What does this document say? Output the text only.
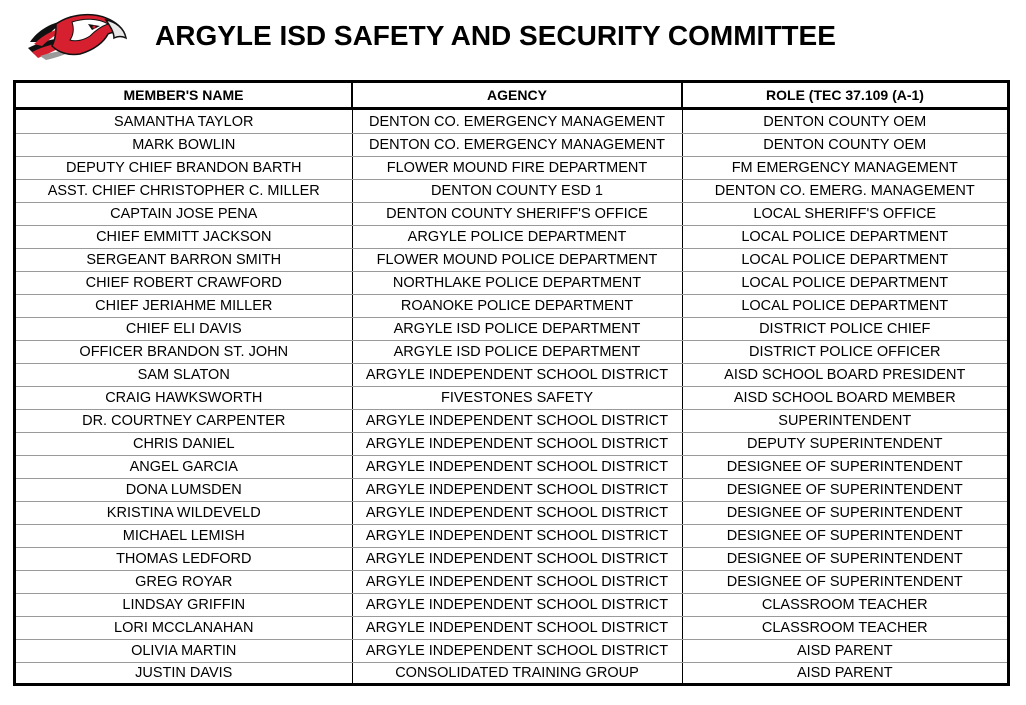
ARGYLE ISD SAFETY AND SECURITY COMMITTEE
MEMBER'S NAME	AGENCY	ROLE (TEC 37.109 (A-1)
SAMANTHA TAYLOR	DENTON CO. EMERGENCY MANAGEMENT	DENTON COUNTY OEM
MARK BOWLIN	DENTON CO. EMERGENCY MANAGEMENT	DENTON COUNTY OEM
DEPUTY CHIEF BRANDON BARTH	FLOWER MOUND FIRE DEPARTMENT	FM EMERGENCY MANAGEMENT
ASST. CHIEF CHRISTOPHER C. MILLER	DENTON COUNTY ESD 1	DENTON CO. EMERG. MANAGEMENT
CAPTAIN JOSE PENA	DENTON COUNTY SHERIFF'S OFFICE	LOCAL SHERIFF'S OFFICE
CHIEF EMMITT JACKSON	ARGYLE POLICE DEPARTMENT	LOCAL POLICE DEPARTMENT
SERGEANT BARRON SMITH	FLOWER MOUND POLICE DEPARTMENT	LOCAL POLICE DEPARTMENT
CHIEF ROBERT CRAWFORD	NORTHLAKE POLICE DEPARTMENT	LOCAL POLICE DEPARTMENT
CHIEF JERIAHME MILLER	ROANOKE POLICE DEPARTMENT	LOCAL POLICE DEPARTMENT
CHIEF ELI DAVIS	ARGYLE ISD POLICE DEPARTMENT	DISTRICT POLICE CHIEF
OFFICER BRANDON ST. JOHN	ARGYLE ISD POLICE DEPARTMENT	DISTRICT POLICE OFFICER
SAM SLATON	ARGYLE INDEPENDENT SCHOOL DISTRICT	AISD SCHOOL BOARD PRESIDENT
CRAIG HAWKSWORTH	FIVESTONES SAFETY	AISD SCHOOL BOARD MEMBER
DR. COURTNEY CARPENTER	ARGYLE INDEPENDENT SCHOOL DISTRICT	SUPERINTENDENT
CHRIS DANIEL	ARGYLE INDEPENDENT SCHOOL DISTRICT	DEPUTY SUPERINTENDENT
ANGEL GARCIA	ARGYLE INDEPENDENT SCHOOL DISTRICT	DESIGNEE OF SUPERINTENDENT
DONA LUMSDEN	ARGYLE INDEPENDENT SCHOOL DISTRICT	DESIGNEE OF SUPERINTENDENT
KRISTINA WILDEVELD	ARGYLE INDEPENDENT SCHOOL DISTRICT	DESIGNEE OF SUPERINTENDENT
MICHAEL LEMISH	ARGYLE INDEPENDENT SCHOOL DISTRICT	DESIGNEE OF SUPERINTENDENT
THOMAS LEDFORD	ARGYLE INDEPENDENT SCHOOL DISTRICT	DESIGNEE OF SUPERINTENDENT
GREG ROYAR	ARGYLE INDEPENDENT SCHOOL DISTRICT	DESIGNEE OF SUPERINTENDENT
LINDSAY GRIFFIN	ARGYLE INDEPENDENT SCHOOL DISTRICT	CLASSROOM TEACHER
LORI MCCLANAHAN	ARGYLE INDEPENDENT SCHOOL DISTRICT	CLASSROOM TEACHER
OLIVIA MARTIN	ARGYLE INDEPENDENT SCHOOL DISTRICT	AISD PARENT
JUSTIN DAVIS	CONSOLIDATED TRAINING GROUP	AISD PARENT
